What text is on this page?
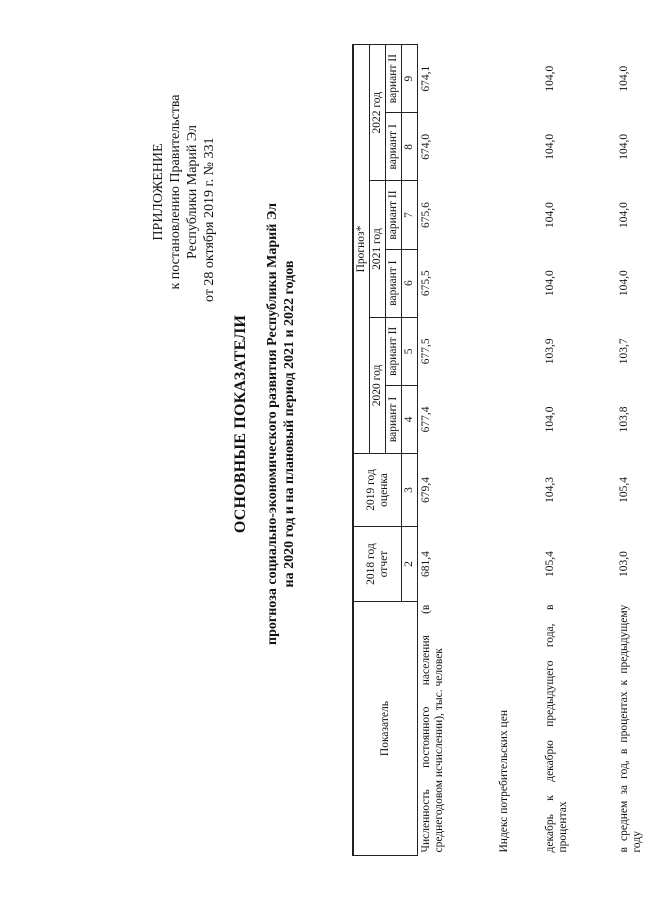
ПРИЛОЖЕНИЕ к постановлению Правительства Республики Марий Эл от 28 октября 2019 г. № 331
ОСНОВНЫЕ ПОКАЗАТЕЛИ прогноза социально-экономического развития Республики Марий Эл на 2020 год и на плановый период 2021 и 2022 годов
Показатель	2018 год отчет	2019 год оценка	Прогноз*					
			2020 год		2021 год		2022 год	
			вариант I	вариант II	вариант I	вариант II	вариант I	вариант II
	2	3	4	5	6	7	8	9
Численность постоянного населения (в среднегодовом исчислении), тыс. человек	681,4	679,4	677,4	677,5	675,5	675,6	674,0	674,1
Индекс потребительских цен								
декабрь к декабрю предыдущего года, в процентах	105,4	104,3	104,0	103,9	104,0	104,0	104,0	104,0
в среднем за год, в процентах к предыдущему году	103,0	105,4	103,8	103,7	104,0	104,0	104,0	104,0
